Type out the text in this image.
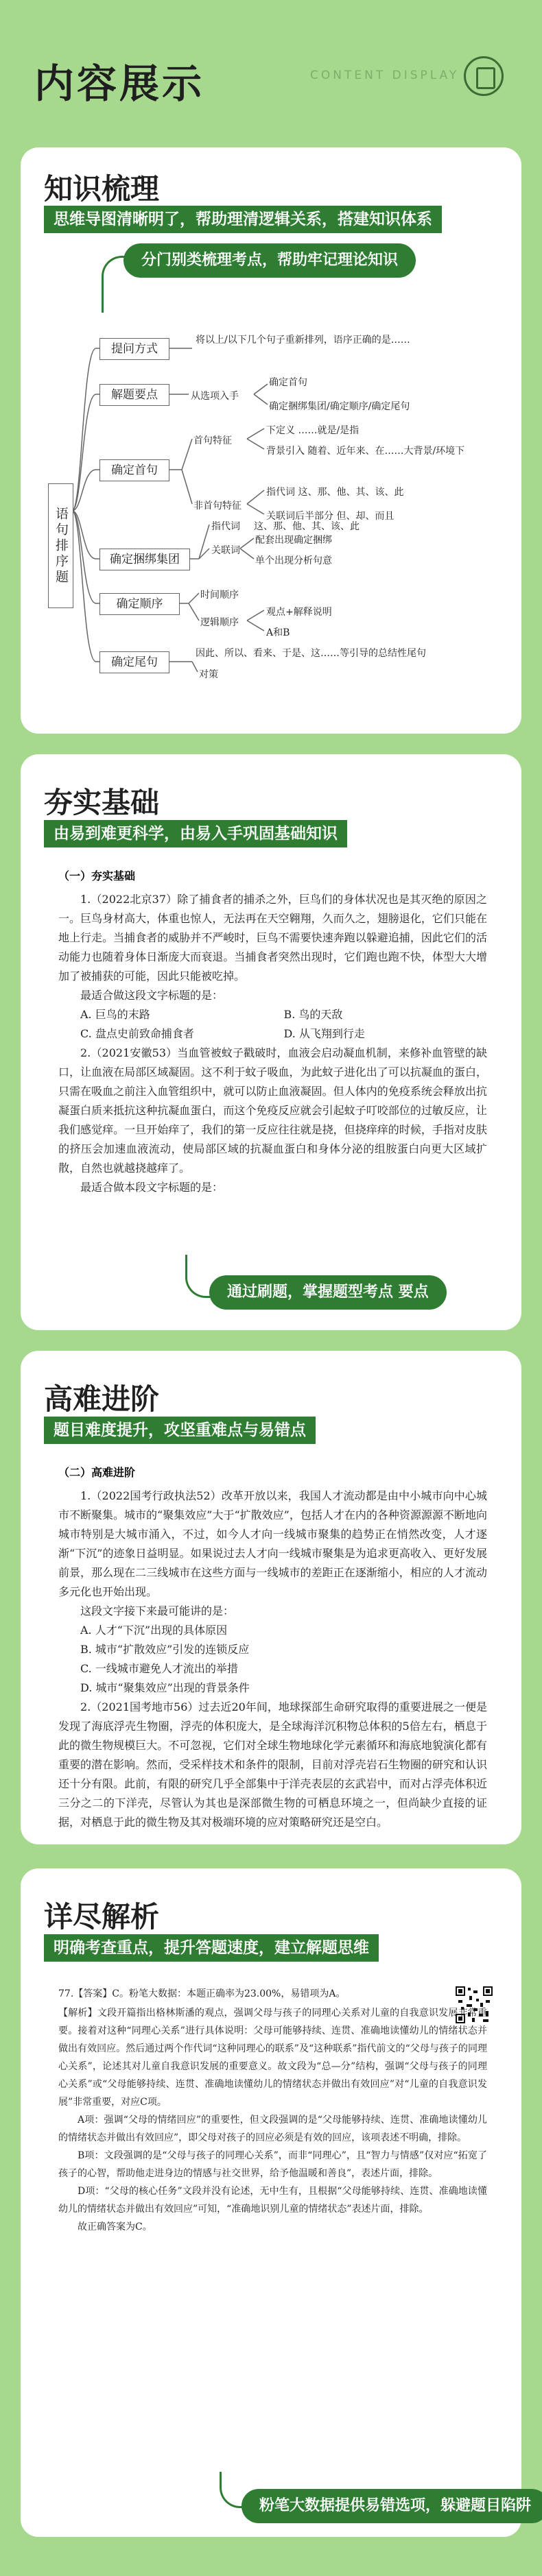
内容展示	CONTENT DISPLAY
知识梳理
思维导图清晰明了，帮助理清逻辑关系，搭建知识体系
分门别类梳理考点，帮助牢记理论知识
语句排序题
提问方式
将以上/以下几个句子重新排列，语序正确的是……
解题要点	从选项入手
确定首句
确定捆绑集团/确定顺序/确定尾句
确定首句
首句特征
下定义 ……就是/是指
背景引入 随着、近年来、在……大背景/环境下
非首句特征
指代词 这、那、他、其、该、此
关联词后半部分 但、却、而且
确定捆绑集团
指代词 这、那、他、其、该、此
关联词
配套出现确定捆绑
单个出现分析句意
确定顺序
时间顺序
逻辑顺序
观点+解释说明
A和B
确定尾句
因此、所以、看来、于是、这……等引导的总结性尾句
对策
夯实基础
由易到难更科学，由易入手巩固基础知识
（一）夯实基础
1.（2022北京37）除了捕食者的捕杀之外，巨鸟们的身体状况也是其灭绝的原因之一。巨鸟身材高大，体重也惊人，无法再在天空翱翔，久而久之，翅膀退化，它们只能在地上行走。当捕食者的威胁并不严峻时，巨鸟不需要快速奔跑以躲避追捕，因此它们的活动能力也随着身体日渐庞大而衰退。当捕食者突然出现时，它们跑也跑不快，体型大大增加了被捕获的可能，因此只能被吃掉。
最适合做这段文字标题的是：
A. 巨鸟的末路	B. 鸟的天敌
C. 盘点史前致命捕食者	D. 从飞翔到行走
2.（2021安徽53）当血管被蚊子戳破时，血液会启动凝血机制，来修补血管壁的缺口，让血液在局部区域凝固。这不利于蚊子吸血，为此蚊子进化出了可以抗凝血的蛋白，只需在吸血之前注入血管组织中，就可以防止血液凝固。但人体内的免疫系统会释放出抗凝蛋白质来抵抗这种抗凝血蛋白，而这个免疫反应就会引起蚊子叮咬部位的过敏反应，让我们感觉痒。一旦开始痒了，我们的第一反应往往就是挠，但挠痒痒的时候，手指对皮肤的挤压会加速血液流动，使局部区域的抗凝血蛋白和身体分泌的组胺蛋白向更大区域扩散，自然也就越挠越痒了。
最适合做本段文字标题的是：
通过刷题，掌握题型考点 要点
高难进阶
题目难度提升，攻坚重难点与易错点
（二）高难进阶
1.（2022国考行政执法52）改革开放以来，我国人才流动都是由中小城市向中心城市不断聚集。城市的“聚集效应”大于“扩散效应”，包括人才在内的各种资源源源不断地向城市特别是大城市涌入，不过，如今人才向一线城市聚集的趋势正在悄然改变，人才逐渐“下沉”的迹象日益明显。如果说过去人才向一线城市聚集是为追求更高收入、更好发展前景，那么现在二三线城市在这些方面与一线城市的差距正在逐渐缩小，相应的人才流动多元化也开始出现。
这段文字接下来最可能讲的是：
A. 人才“下沉”出现的具体原因
B. 城市“扩散效应”引发的连锁反应
C. 一线城市避免人才流出的举措
D. 城市“聚集效应”出现的背景条件
2.（2021国考地市56）过去近20年间，地球探部生命研究取得的重要进展之一便是发现了海底浮壳生物圈，浮壳的体积庞大，是全球海洋沉积物总体积的5倍左右，栖息于此的微生物规模巨大。不可忽视，它们对全球生物地球化学元素循环和海底地貌演化都有重要的潜在影响。然而，受采样技术和条件的限制，目前对浮壳岩石生物圈的研究和认识还十分有限。此前，有限的研究几乎全部集中于洋壳表层的玄武岩中，而对占浮壳体积近三分之二的下洋壳，尽管认为其也是深部微生物的可栖息环境之一，但尚缺少直接的证据，对栖息于此的微生物及其对极端环境的应对策略研究还是空白。
详尽解析
明确考查重点，提升答题速度，建立解题思维
77.【答案】C。粉笔大数据：本题正确率为23.00%，易错项为A。
【解析】文段开篇指出格林斯潘的观点，强调父母与孩子的同理心关系对儿童的自我意识发展非常重要。接着对这种“同理心关系”进行具体说明：父母可能够持续、连贯、准确地读懂幼儿的情绪状态并做出有效回应。然后通过两个作代词“这种同理心的联系”及“这种联系”指代前文的“父母与孩子的同理心关系”，论述其对儿童自我意识发展的重要意义。故文段为“总—分”结构，强调“父母与孩子的同理心关系”或“父母能够持续、连贯、准确地读懂幼儿的情绪状态并做出有效回应”对“儿童的自我意识发展”非常重要，对应C项。
A项：强调“父母的情绪回应”的重要性，但文段强调的是“父母能够持续、连贯、准确地读懂幼儿的情绪状态并做出有效回应”，即父母对孩子的回应必须是有效的回应，该项表述不明确，排除。
B项：文段强调的是“父母与孩子的同理心关系”，而非“同理心”，且“智力与情感”仅对应“拓宽了孩子的心智，帮助他走进身边的情感与社交世界，给予他温暖和善良”，表述片面，排除。
D项：“父母的核心任务”文段并没有论述，无中生有，且根据“父母能够持续、连贯、准确地读懂幼儿的情绪状态并做出有效回应”可知，“准确地识别儿童的情绪状态”表述片面，排除。
故正确答案为C。
粉笔大数据提供易错选项，躲避题目陷阱
